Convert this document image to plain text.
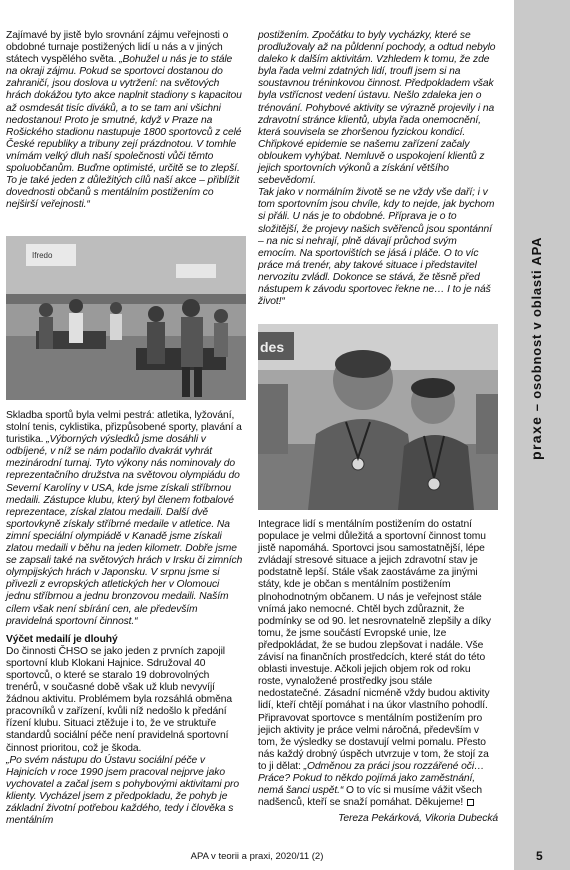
Zajímavé by jistě bylo srovnání zájmu veřejnosti o obdobné turnaje postižených lidí u nás a v jiných státech vyspělého světa. „Bohužel u nás je to stále na okraji zájmu. Pokud se sportovci dostanou do zahraničí, jsou doslova u vytržení: na světových hrách dokážou tyto akce naplnit stadiony s kapacitou až osmdesát tisíc diváků, a to se tam ani všichni nedostanou! Proto je smutné, když v Praze na Rošického stadionu nastupuje 1800 sportovců z celé České republiky a tribuny zejí prázdnotou. V tomhle vnímám velký dluh naší společnosti vůči těmto spoluobčanům. Buďme optimisté, určitě se to zlepší. To je také jeden z důležitých cílů naší akce – přiblížit dovednosti občanů s mentálním postižením co nejširší veřejnosti.“

Ifredo

Skladba sportů byla velmi pestrá: atletika, lyžování, stolní tenis, cyklistika, přizpůsobené sporty, plavání a turistika. „Výborných výsledků jsme dosáhli v odbíjené, v níž se nám podařilo dvakrát vyhrát mezinárodní turnaj. Tyto výkony nás nominovaly do reprezentačního družstva na světovou olympiádu do Severní Karolíny v USA, kde jsme získali stříbrnou medaili. Zástupce klubu, který byl členem fotbalové reprezentace, získal zlatou medaili. Další dvě sportovkyně získaly stříbrné medaile v atletice. Na zimní speciální olympiádě v Kanadě jsme získali zlatou medaili v běhu na jeden kilometr. Dobře jsme se zapsali také na světových hrách v Irsku či zimních olympijských hrách v Japonsku. V srpnu jsme si přivezli z evropských atletických her v Olomouci jednu stříbrnou a jednu bronzovou medaili. Naším cílem však není sbírání cen, ale především pravidelná sportovní činnost.“

Výčet medailí je dlouhý

Do činnosti ČHSO se jako jeden z prvních zapojil sportovní klub Klokani Hajnice. Sdružoval 40 sportovců, o které se staralo 19 dobrovolných trenérů, v současné době však už klub nevyvíjí žádnou aktivitu. Problémem byla rozsáhlá obměna pracovníků v zařízení, kvůli níž nedošlo k předání řízení klubu. Situaci ztěžuje i to, že ve struktuře standardů sociální péče není pravidelná sportovní činnost prioritou, což je škoda.

„Po svém nástupu do Ústavu sociální péče v Hajnicích v roce 1990 jsem pracoval nejprve jako vychovatel a začal jsem s pohybovými aktivitami pro klienty. Vycházel jsem z předpokladu, že pohyb je základní životní potřebou každého, tedy i člověka s mentálním

postižením. Zpočátku to byly vycházky, které se prodlužovaly až na půldenní pochody, a odtud nebylo daleko k dalším aktivitám. Vzhledem k tomu, že zde byla řada velmi zdatných lidí, troufl jsem si na soustavnou tréninkovou činnost. Předpokladem však byla vstřícnost vedení ústavu. Nešlo zdaleka jen o trénování. Pohybové aktivity se výrazně projevily i na zdravotní stránce klientů, ubyla řada onemocnění, která souvisela se zhoršenou fyzickou kondicí. Chřipkové epidemie se našemu zařízení začaly obloukem vyhýbat. Nemluvě o uspokojení klientů z jejich sportovních výkonů a získání většího sebevědomí.

Tak jako v normálním životě se ne vždy vše daří; i v tom sportovním jsou chvíle, kdy to nejde, jak bychom si přáli. U nás je to obdobné. Příprava je o to složitější, že projevy našich svěřenců jsou spontánní – na nic si nehrají, plně dávají průchod svým emocím. Na sportovištích se jásá i pláče. O to víc práce má trenér, aby takové situace i představitel nervozitu zvládl. Dokonce se stává, že těsně před nástupem k závodu sportovec řekne ne… I to je náš život!“

des

Integrace lidí s mentálním postižením do ostatní populace je velmi důležitá a sportovní činnost tomu jistě napomáhá. Sportovci jsou samostatnější, lépe zvládají stresové situace a jejich zdravotní stav je podstatně lepší. Stále však zaostáváme za jinými státy, kde je občan s mentálním postižením plnohodnotným občanem. U nás je veřejnost stále vnímá jako nemocné. Chtěl bych zdůraznit, že podmínky se od 90. let nesrovnatelně zlepšily a díky tomu, že jsme součástí Evropské unie, lze předpokládat, že se budou zlepšovat i nadále. Vše závisí na finančních prostředcích, které stát do této oblasti investuje. Ačkoli jejich objem rok od roku roste, vynaložené prostředky jsou stále nedostatečné. Zásadní nicméně vždy budou aktivity lidí, kteří chtějí pomáhat i na úkor vlastního pohodlí. Připravovat sportovce s mentálním postižením pro jejich aktivity je práce velmi náročná, především v tom, že výsledky se dostavují velmi pomalu. Přesto nás každý drobný úspěch utvrzuje v tom, že stojí za to ji dělat: „Odměnou za práci jsou rozzářené oči… Práce? Pokud to někdo pojímá jako zaměstnání, nemá šanci uspět.“ O to víc si musíme vážit všech nadšenců, kteří se snaží pomáhat. Děkujeme!

Tereza Pekárková, Vikoria Dubecká

praxe – osobnost v oblasti APA
APA v teorii a praxi, 2020/11 (2)	5
